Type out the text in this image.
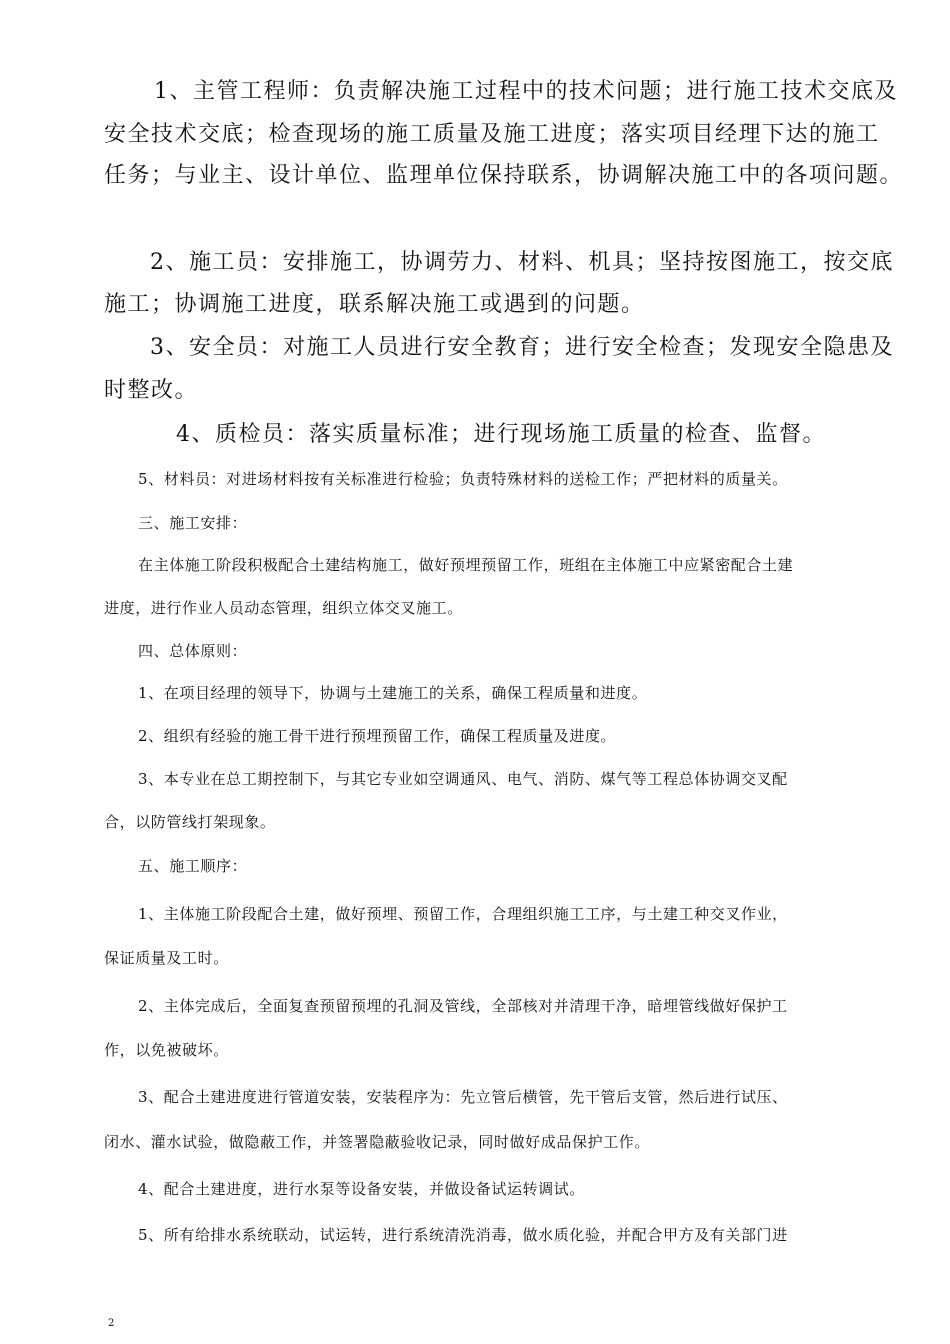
1、主管工程师：负责解决施工过程中的技术问题；进行施工技术交底及

安全技术交底；检查现场的施工质量及施工进度；落实项目经理下达的施工

任务；与业主、设计单位、监理单位保持联系，协调解决施工中的各项问题。

2、施工员：安排施工，协调劳力、材料、机具；坚持按图施工，按交底

施工；协调施工进度，联系解决施工或遇到的问题。

3、安全员：对施工人员进行安全教育；进行安全检查；发现安全隐患及

时整改。

4、质检员：落实质量标准；进行现场施工质量的检查、监督。

5、材料员：对进场材料按有关标准进行检验；负责特殊材料的送检工作；严把材料的质量关。

三、施工安排：

在主体施工阶段积极配合土建结构施工，做好预埋预留工作，班组在主体施工中应紧密配合土建

进度，进行作业人员动态管理，组织立体交叉施工。

四、总体原则：

1、在项目经理的领导下，协调与土建施工的关系，确保工程质量和进度。

2、组织有经验的施工骨干进行预埋预留工作，确保工程质量及进度。

3、本专业在总工期控制下，与其它专业如空调通风、电气、消防、煤气等工程总体协调交叉配

合，以防管线打架现象。

五、施工顺序：

1、主体施工阶段配合土建，做好预埋、预留工作，合理组织施工工序，与土建工种交叉作业，

保证质量及工时。

2、主体完成后，全面复查预留预埋的孔洞及管线，全部核对并清理干净，暗埋管线做好保护工

作，以免被破坏。

3、配合土建进度进行管道安装，安装程序为：先立管后横管，先干管后支管，然后进行试压、

闭水、灌水试验，做隐蔽工作，并签署隐蔽验收记录，同时做好成品保护工作。

4、配合土建进度，进行水泵等设备安装，并做设备试运转调试。

5、所有给排水系统联动，试运转，进行系统清洗消毒，做水质化验，并配合甲方及有关部门进

2
